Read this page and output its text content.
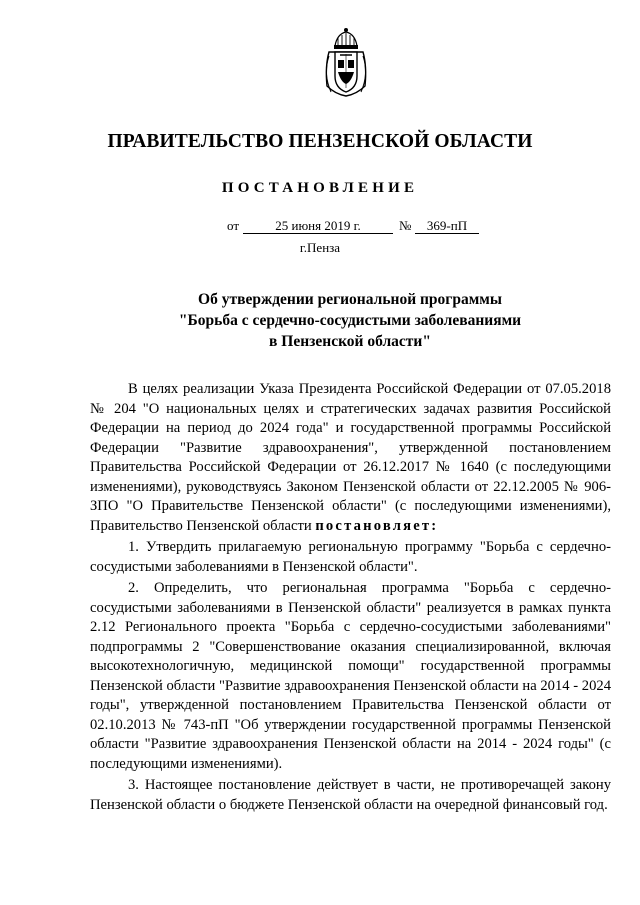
ПРАВИТЕЛЬСТВО ПЕНЗЕНСКОЙ ОБЛАСТИ
ПОСТАНОВЛЕНИЕ
от	25 июня 2019 г.	№	369-пП
г.Пенза
Об утверждении региональной программы
"Борьба с сердечно-сосудистыми заболеваниями
в Пензенской области"

В целях реализации Указа Президента Российской Федерации от 07.05.2018 № 204 "О национальных целях и стратегических задачах развития Российской Федерации на период до 2024 года" и государственной программы Российской Федерации "Развитие здравоохранения", утвержденной постановлением Правительства Российской Федерации от 26.12.2017 № 1640 (с последующими изменениями), руководствуясь Законом Пензенской области от 22.12.2005 № 906-ЗПО "О Правительстве Пензенской области" (с последующими изменениями), Правительство Пензенской области постановляет:

1. Утвердить прилагаемую региональную программу "Борьба с сердечно-сосудистыми заболеваниями в Пензенской области".

2. Определить, что региональная программа "Борьба с сердечно-сосудистыми заболеваниями в Пензенской области" реализуется в рамках пункта 2.12 Регионального проекта "Борьба с сердечно-сосудистыми заболеваниями" подпрограммы 2 "Совершенствование оказания специализированной, включая высокотехнологичную, медицинской помощи" государственной программы Пензенской области "Развитие здравоохранения Пензенской области на 2014 - 2024 годы", утвержденной постановлением Правительства Пензенской области от 02.10.2013 № 743-пП "Об утверждении государственной программы Пензенской области "Развитие здравоохранения Пензенской области на 2014 - 2024 годы" (с последующими изменениями).

3. Настоящее постановление действует в части, не противоречащей закону Пензенской области о бюджете Пензенской области на очередной финансовый год.
